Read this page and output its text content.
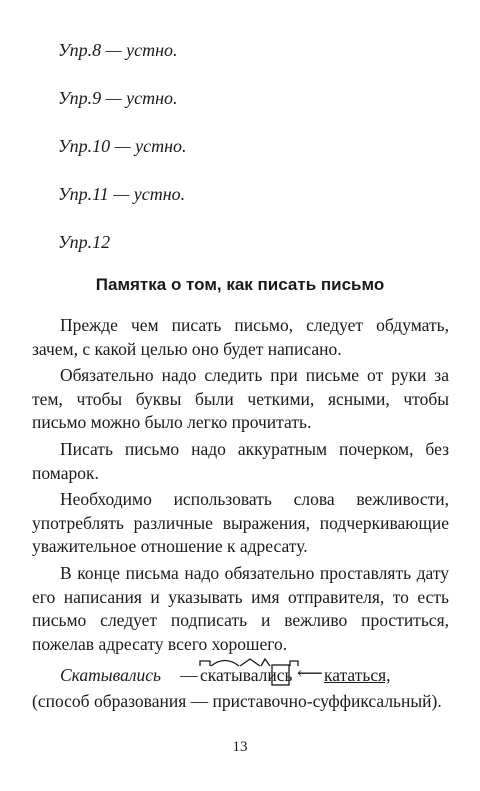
Упр.8 — устно.
Упр.9 — устно.
Упр.10 — устно.
Упр.11 — устно.
Упр.12
Памятка о том, как писать письмо

Прежде чем писать письмо, следует обдумать, зачем, с какой целью оно будет написано.

Обязательно надо следить при письме от руки за тем, чтобы буквы были четкими, ясными, чтобы письмо можно было легко прочитать.

Писать письмо надо аккуратным почерком, без помарок.

Необходимо использовать слова вежливости, употреблять различные выражения, подчеркивающие уважительное отношение к адресату.

В конце письма надо обязательно проставлять дату его написания и указывать имя отправителя, то есть письмо следует подписать и вежливо проститься, пожелав адресату всего хорошего.

Скатывались — скатывались ⟵ кататься,

(способ образования — приставочно-суффиксальный).

13
